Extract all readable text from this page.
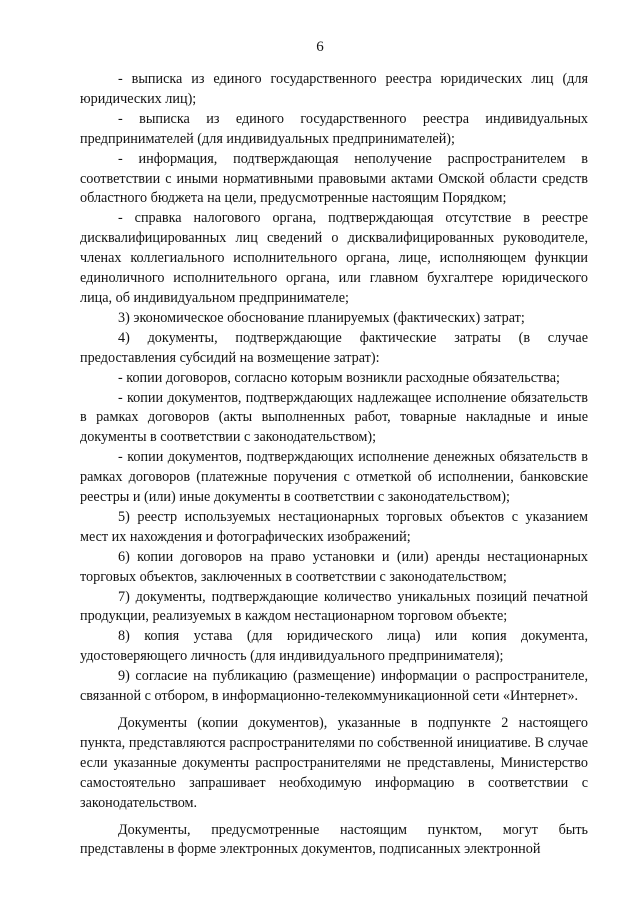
6

- выписка из единого государственного реестра юридических лиц (для юридических лиц);

- выписка из единого государственного реестра индивидуальных предпринимателей (для индивидуальных предпринимателей);

- информация, подтверждающая неполучение распространителем в соответствии с иными нормативными правовыми актами Омской области средств областного бюджета на цели, предусмотренные настоящим Порядком;

- справка налогового органа, подтверждающая отсутствие в реестре дисквалифицированных лиц сведений о дисквалифицированных руководителе, членах коллегиального исполнительного органа, лице, исполняющем функции единоличного исполнительного органа, или главном бухгалтере юридического лица, об индивидуальном предпринимателе;

3) экономическое обоснование планируемых (фактических) затрат;

4) документы, подтверждающие фактические затраты (в случае предоставления субсидий на возмещение затрат):

- копии договоров, согласно которым возникли расходные обязательства;

- копии документов, подтверждающих надлежащее исполнение обязательств в рамках договоров (акты выполненных работ, товарные накладные и иные документы в соответствии с законодательством);

- копии документов, подтверждающих исполнение денежных обязательств в рамках договоров (платежные поручения с отметкой об исполнении, банковские реестры и (или) иные документы в соответствии с законодательством);

5) реестр используемых нестационарных торговых объектов с указанием мест их нахождения и фотографических изображений;

6) копии договоров на право установки и (или) аренды нестационарных торговых объектов, заключенных в соответствии с законодательством;

7) документы, подтверждающие количество уникальных позиций печатной продукции, реализуемых в каждом нестационарном торговом объекте;

8) копия устава (для юридического лица) или копия документа, удостоверяющего личность (для индивидуального предпринимателя);

9) согласие на публикацию (размещение) информации о распространителе, связанной с отбором, в информационно-телекоммуникационной сети «Интернет».

Документы (копии документов), указанные в подпункте 2 настоящего пункта, представляются распространителями по собственной инициативе. В случае если указанные документы распространителями не представлены, Министерство самостоятельно запрашивает необходимую информацию в соответствии с законодательством.

Документы, предусмотренные настоящим пунктом, могут быть представлены в форме электронных документов, подписанных электронной
